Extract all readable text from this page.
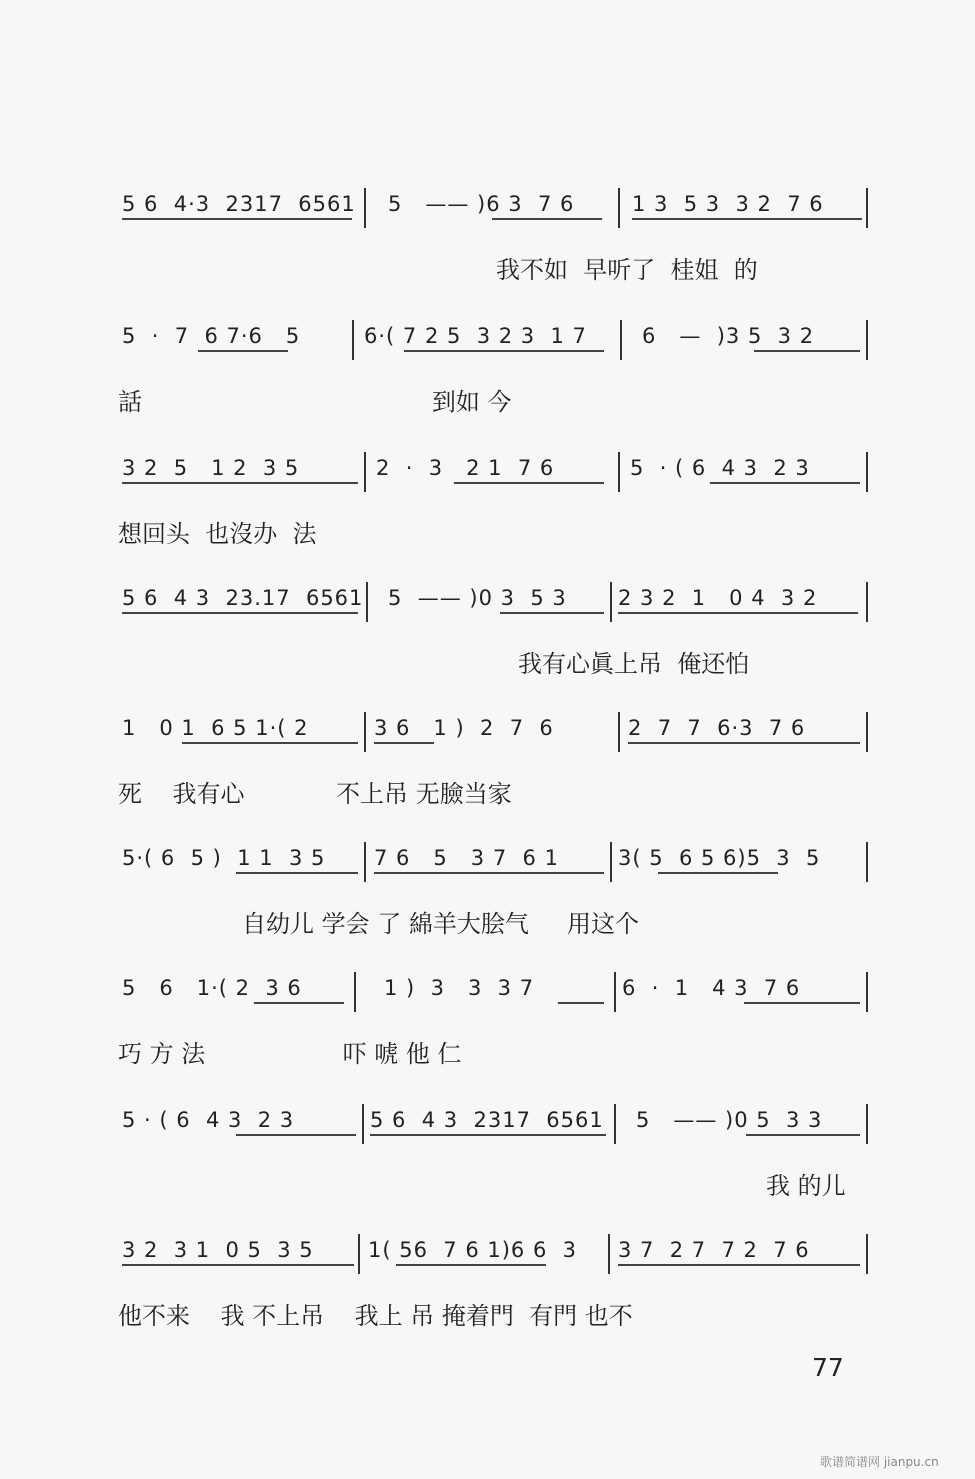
5 6  4·3  2317  6561 5   —— )6 3  7 6	1 3  5 3  3 2  7 6
我不如  早听了  桂姐  的
5  ·  7  6 7·6   5	6·( 7 2 5  3 2 3  1 7	6   —  )3 5  3 2
話                                      到如 今
3 2  5   1 2  3 5	2  ·  3   2 1  7 6	5  · ( 6  4 3  2 3
想回头  也沒办  法
5 6  4 3  23.17  6561 5  —— )0 3  5 3 2 3 2  1   0 4  3 2
我有心眞上吊  俺还怕
1   0 1  6 5 1·( 2	3 6   1 )  2  7  6	2  7  7  6·3  7 6
死    我有心            不上吊 无臉当家
5·( 6  5 )  1 1  3 5 7 6   5   3 7  6 1	3( 5  6 5 6)5  3  5
自幼儿 学会 了 綿羊大脍气     用这个
5   6   1·( 2  3 6	1 )  3   3  3 7	6  ·  1   4 3  7 6
巧 方 法                  吓 唬 他 仁
5 · ( 6  4 3  2 3	5 6  4 3  2317  6561 5   —— )0 5  3 3
我 的儿
3 2  3 1  0 5  3 5	1( 56  7 6 1)6 6  3 3 7  2 7  7 2  7 6
他不来    我 不上吊    我上 吊 掩着門  有門 也不
77
歌谱简谱网 jianpu.cn
